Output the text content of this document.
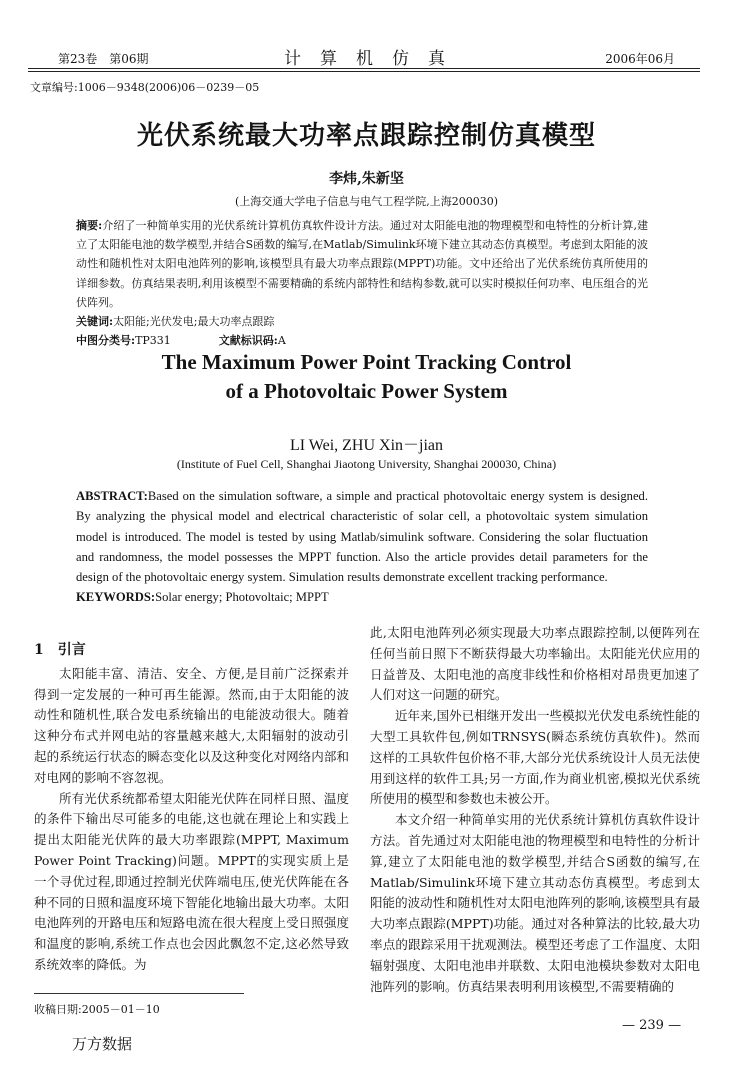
第23卷　第06期	计　算　机　仿　真	2006年06月
文章编号:1006－9348(2006)06－0239－05
光伏系统最大功率点跟踪控制仿真模型
李炜,朱新坚
(上海交通大学电子信息与电气工程学院,上海200030)

摘要:介绍了一种简单实用的光伏系统计算机仿真软件设计方法。通过对太阳能电池的物理模型和电特性的分析计算,建立了太阳能电池的数学模型,并结合S函数的编写,在Matlab/Simulink环境下建立其动态仿真模型。考虑到太阳能的波动性和随机性对太阳电池阵列的影响,该模型具有最大功率点跟踪(MPPT)功能。文中还给出了光伏系统仿真所使用的详细参数。仿真结果表明,利用该模型不需要精确的系统内部特性和结构参数,就可以实时模拟任何功率、电压组合的光伏阵列。

关键词:太阳能;光伏发电;最大功率点跟踪

中图分类号:TP331	文献标识码:A

The Maximum Power Point Tracking Control
of a Photovoltaic Power System
LI Wei, ZHU Xin－jian
(Institute of Fuel Cell, Shanghai Jiaotong University, Shanghai 200030, China)
ABSTRACT:Based on the simulation software, a simple and practical photovoltaic energy system is designed. By analyzing the physical model and electrical characteristic of solar cell, a photovoltaic system simulation model is introduced. The model is tested by using Matlab/simulink software. Considering the solar fluctuation and randomness, the model possesses the MPPT function. Also the article provides detail parameters for the design of the photovoltaic energy system. Simulation results demonstrate excellent tracking performance.
KEYWORDS:Solar energy; Photovoltaic; MPPT
1　引言

太阳能丰富、清洁、安全、方便,是目前广泛探索并得到一定发展的一种可再生能源。然而,由于太阳能的波动性和随机性,联合发电系统输出的电能波动很大。随着这种分布式并网电站的容量越来越大,太阳辐射的波动引起的系统运行状态的瞬态变化以及这种变化对网络内部和对电网的影响不容忽视。

所有光伏系统都希望太阳能光伏阵在同样日照、温度的条件下输出尽可能多的电能,这也就在理论上和实践上提出太阳能光伏阵的最大功率跟踪(MPPT, Maximum Power Point Tracking)问题。MPPT的实现实质上是一个寻优过程,即通过控制光伏阵端电压,使光伏阵能在各种不同的日照和温度环境下智能化地输出最大功率。太阳电池阵列的开路电压和短路电流在很大程度上受日照强度和温度的影响,系统工作点也会因此飘忽不定,这必然导致系统效率的降低。为

此,太阳电池阵列必须实现最大功率点跟踪控制,以便阵列在任何当前日照下不断获得最大功率输出。太阳能光伏应用的日益普及、太阳电池的高度非线性和价格相对昂贵更加速了人们对这一问题的研究。

近年来,国外已相继开发出一些模拟光伏发电系统性能的大型工具软件包,例如TRNSYS(瞬态系统仿真软件)。然而这样的工具软件包价格不菲,大部分光伏系统设计人员无法使用到这样的软件工具;另一方面,作为商业机密,模拟光伏系统所使用的模型和参数也未被公开。

本文介绍一种简单实用的光伏系统计算机仿真软件设计方法。首先通过对太阳能电池的物理模型和电特性的分析计算,建立了太阳能电池的数学模型,并结合S函数的编写,在Matlab/Simulink环境下建立其动态仿真模型。考虑到太阳能的波动性和随机性对太阳电池阵列的影响,该模型具有最大功率点跟踪(MPPT)功能。通过对各种算法的比较,最大功率点的跟踪采用干扰观测法。模型还考虑了工作温度、太阳辐射强度、太阳电池串并联数、太阳电池模块参数对太阳电池阵列的影响。仿真结果表明利用该模型,不需要精确的

收稿日期:2005－01－10
— 239 —
万方数据
